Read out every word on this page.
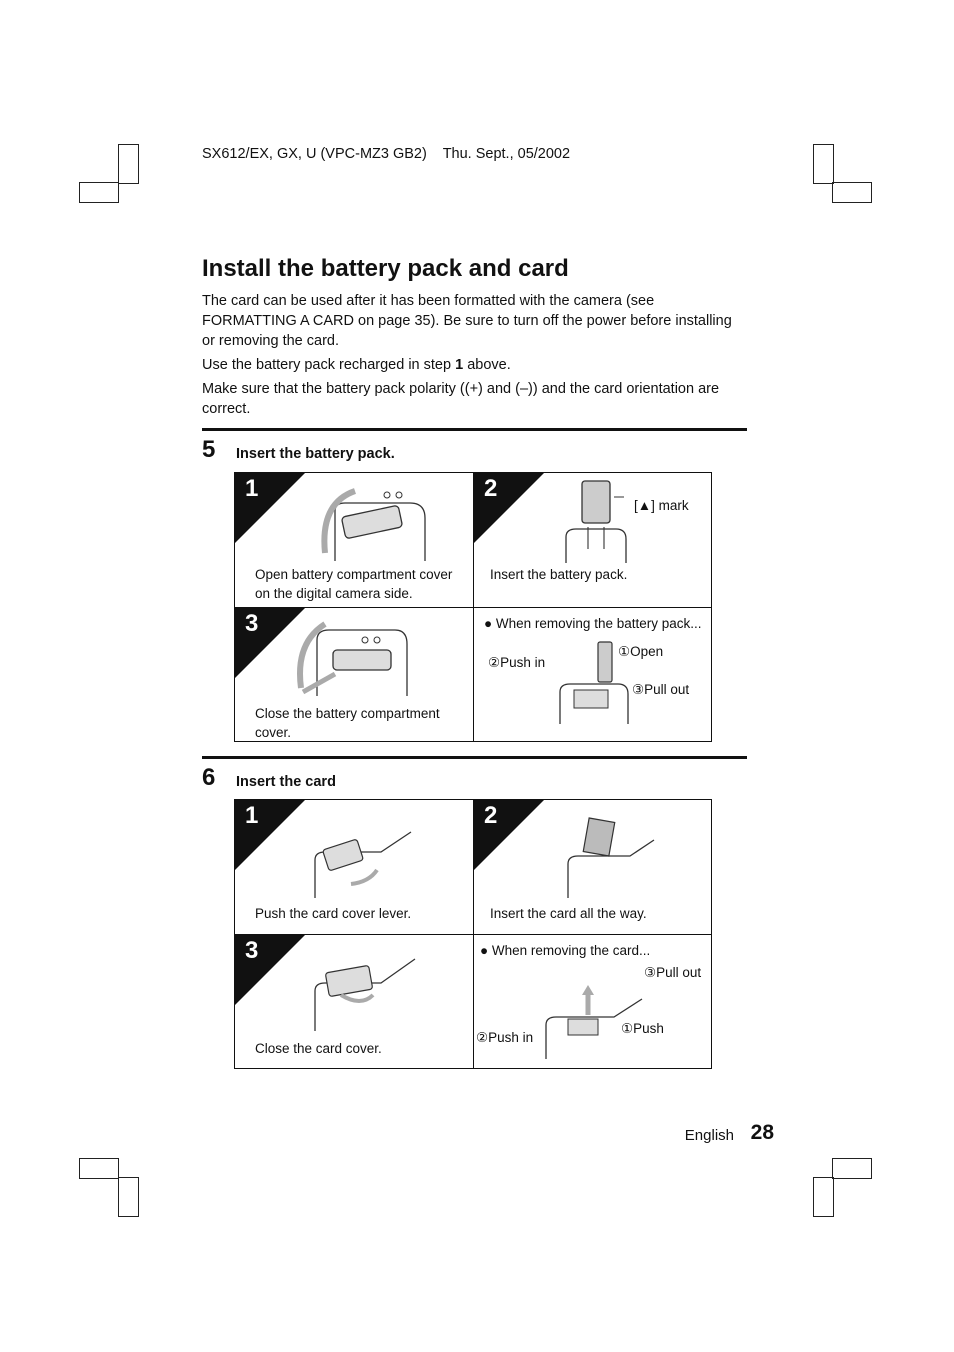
SX612/EX, GX, U (VPC-MZ3 GB2) Thu. Sept., 05/2002
Install the battery pack and card

The card can be used after it has been formatted with the camera (see FORMATTING A CARD on page 35). Be sure to turn off the power before installing or removing the card.

Use the battery pack recharged in step 1 above.

Make sure that the battery pack polarity ((+) and (–)) and the card orientation are correct.

5 Insert the battery pack.
1
Open battery compartment cover on the digital camera side.
2
[▲] mark
Insert the battery pack.
3
Close the battery compartment cover.
● When removing the battery pack...
①Open
②Push in
③Pull out
6 Insert the card
1
Push the card cover lever.
2
Insert the card all the way.
3
Close the card cover.
● When removing the card...
③Pull out
②Push in
①Push
English 28
